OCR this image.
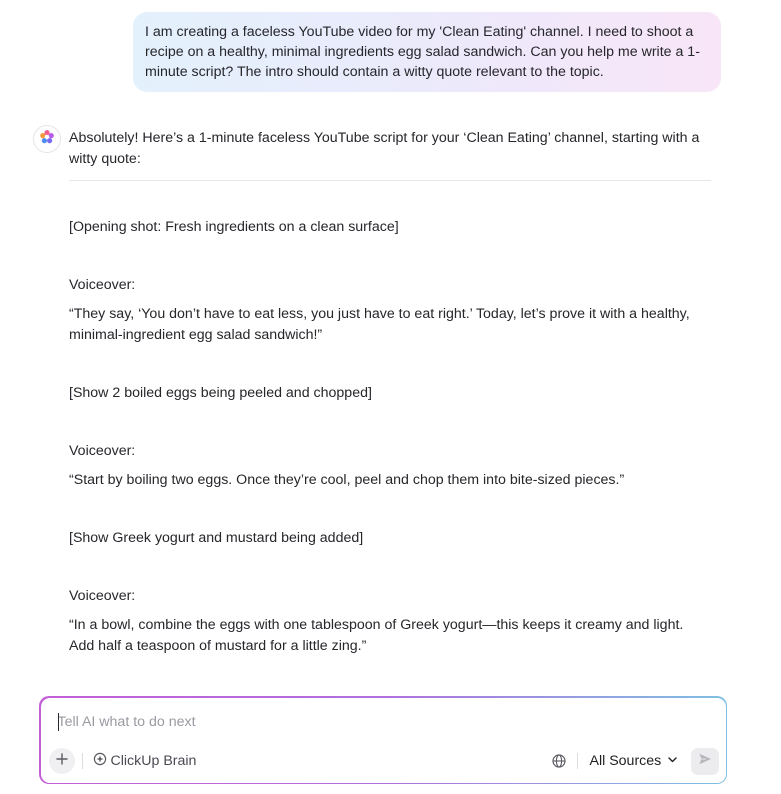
I am creating a faceless YouTube video for my 'Clean Eating' channel. I need to shoot a recipe on a healthy, minimal ingredients egg salad sandwich. Can you help me write a 1-minute script? The intro should contain a witty quote relevant to the topic.
Absolutely! Here’s a 1-minute faceless YouTube script for your ‘Clean Eating’ channel, starting with a witty quote:
[Opening shot: Fresh ingredients on a clean surface]
Voiceover:
“They say, ‘You don’t have to eat less, you just have to eat right.’ Today, let’s prove it with a healthy, minimal-ingredient egg salad sandwich!”
[Show 2 boiled eggs being peeled and chopped]
Voiceover:
“Start by boiling two eggs. Once they’re cool, peel and chop them into bite-sized pieces.”
[Show Greek yogurt and mustard being added]
Voiceover:
“In a bowl, combine the eggs with one tablespoon of Greek yogurt—this keeps it creamy and light. Add half a teaspoon of mustard for a little zing.”
Tell AI what to do next
ClickUp Brain	All Sources
